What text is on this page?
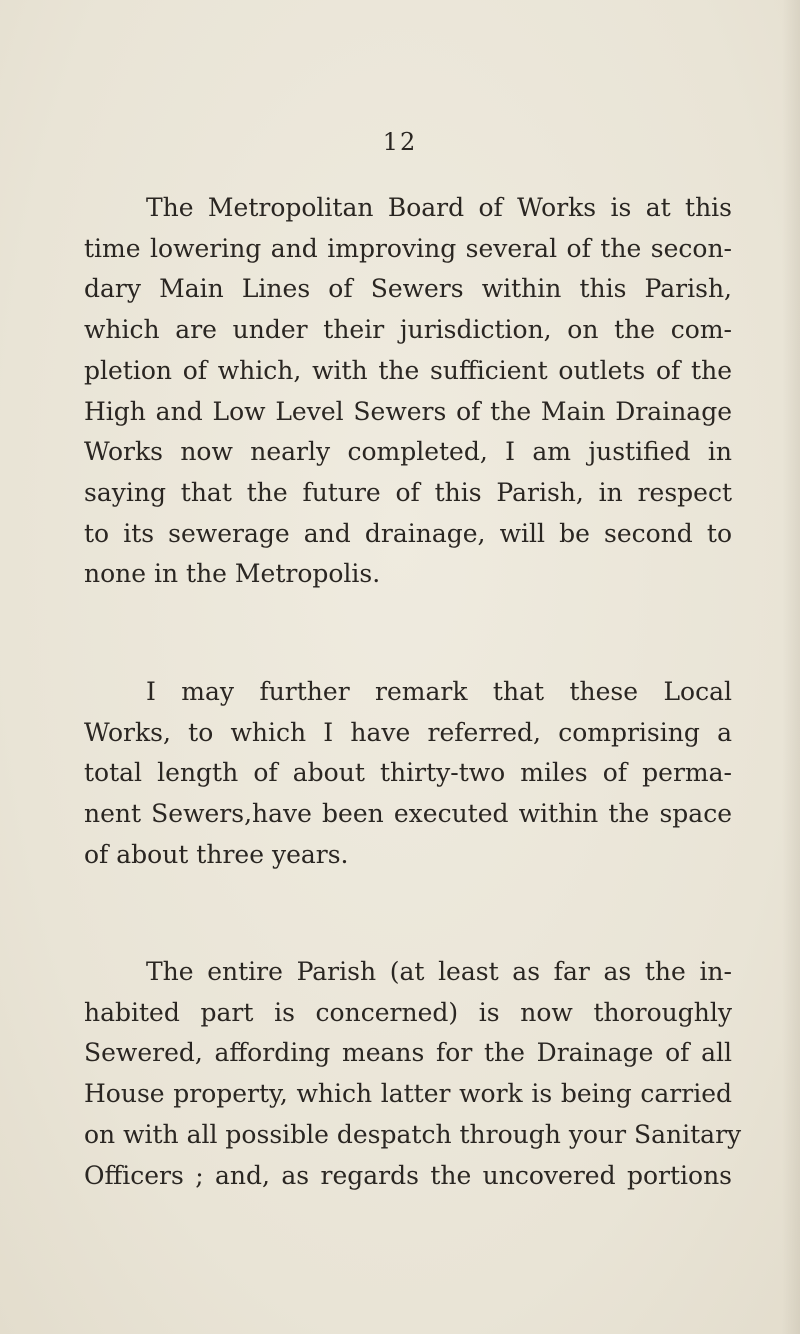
12
The Metropolitan Board of Works is at this
time lowering and improving several of the secon-
dary Main Lines of Sewers within this Parish,
which are under their jurisdiction, on the com-
pletion of which, with the sufficient outlets of the
High and Low Level Sewers of the Main Drainage
Works now nearly completed, I am justified in
saying that the future of this Parish, in respect
to its sewerage and drainage, will be second to
none in the Metropolis.
I may further remark that these Local
Works, to which I have referred, comprising a
total length of about thirty-two miles of perma-
nent Sewers,have been executed within the space
of about three years.
The entire Parish (at least as far as the in-
habited part is concerned) is now thoroughly
Sewered, affording means for the Drainage of all
House property, which latter work is being carried
on with all possible despatch through your Sanitary
Officers ; and, as regards the uncovered portions
